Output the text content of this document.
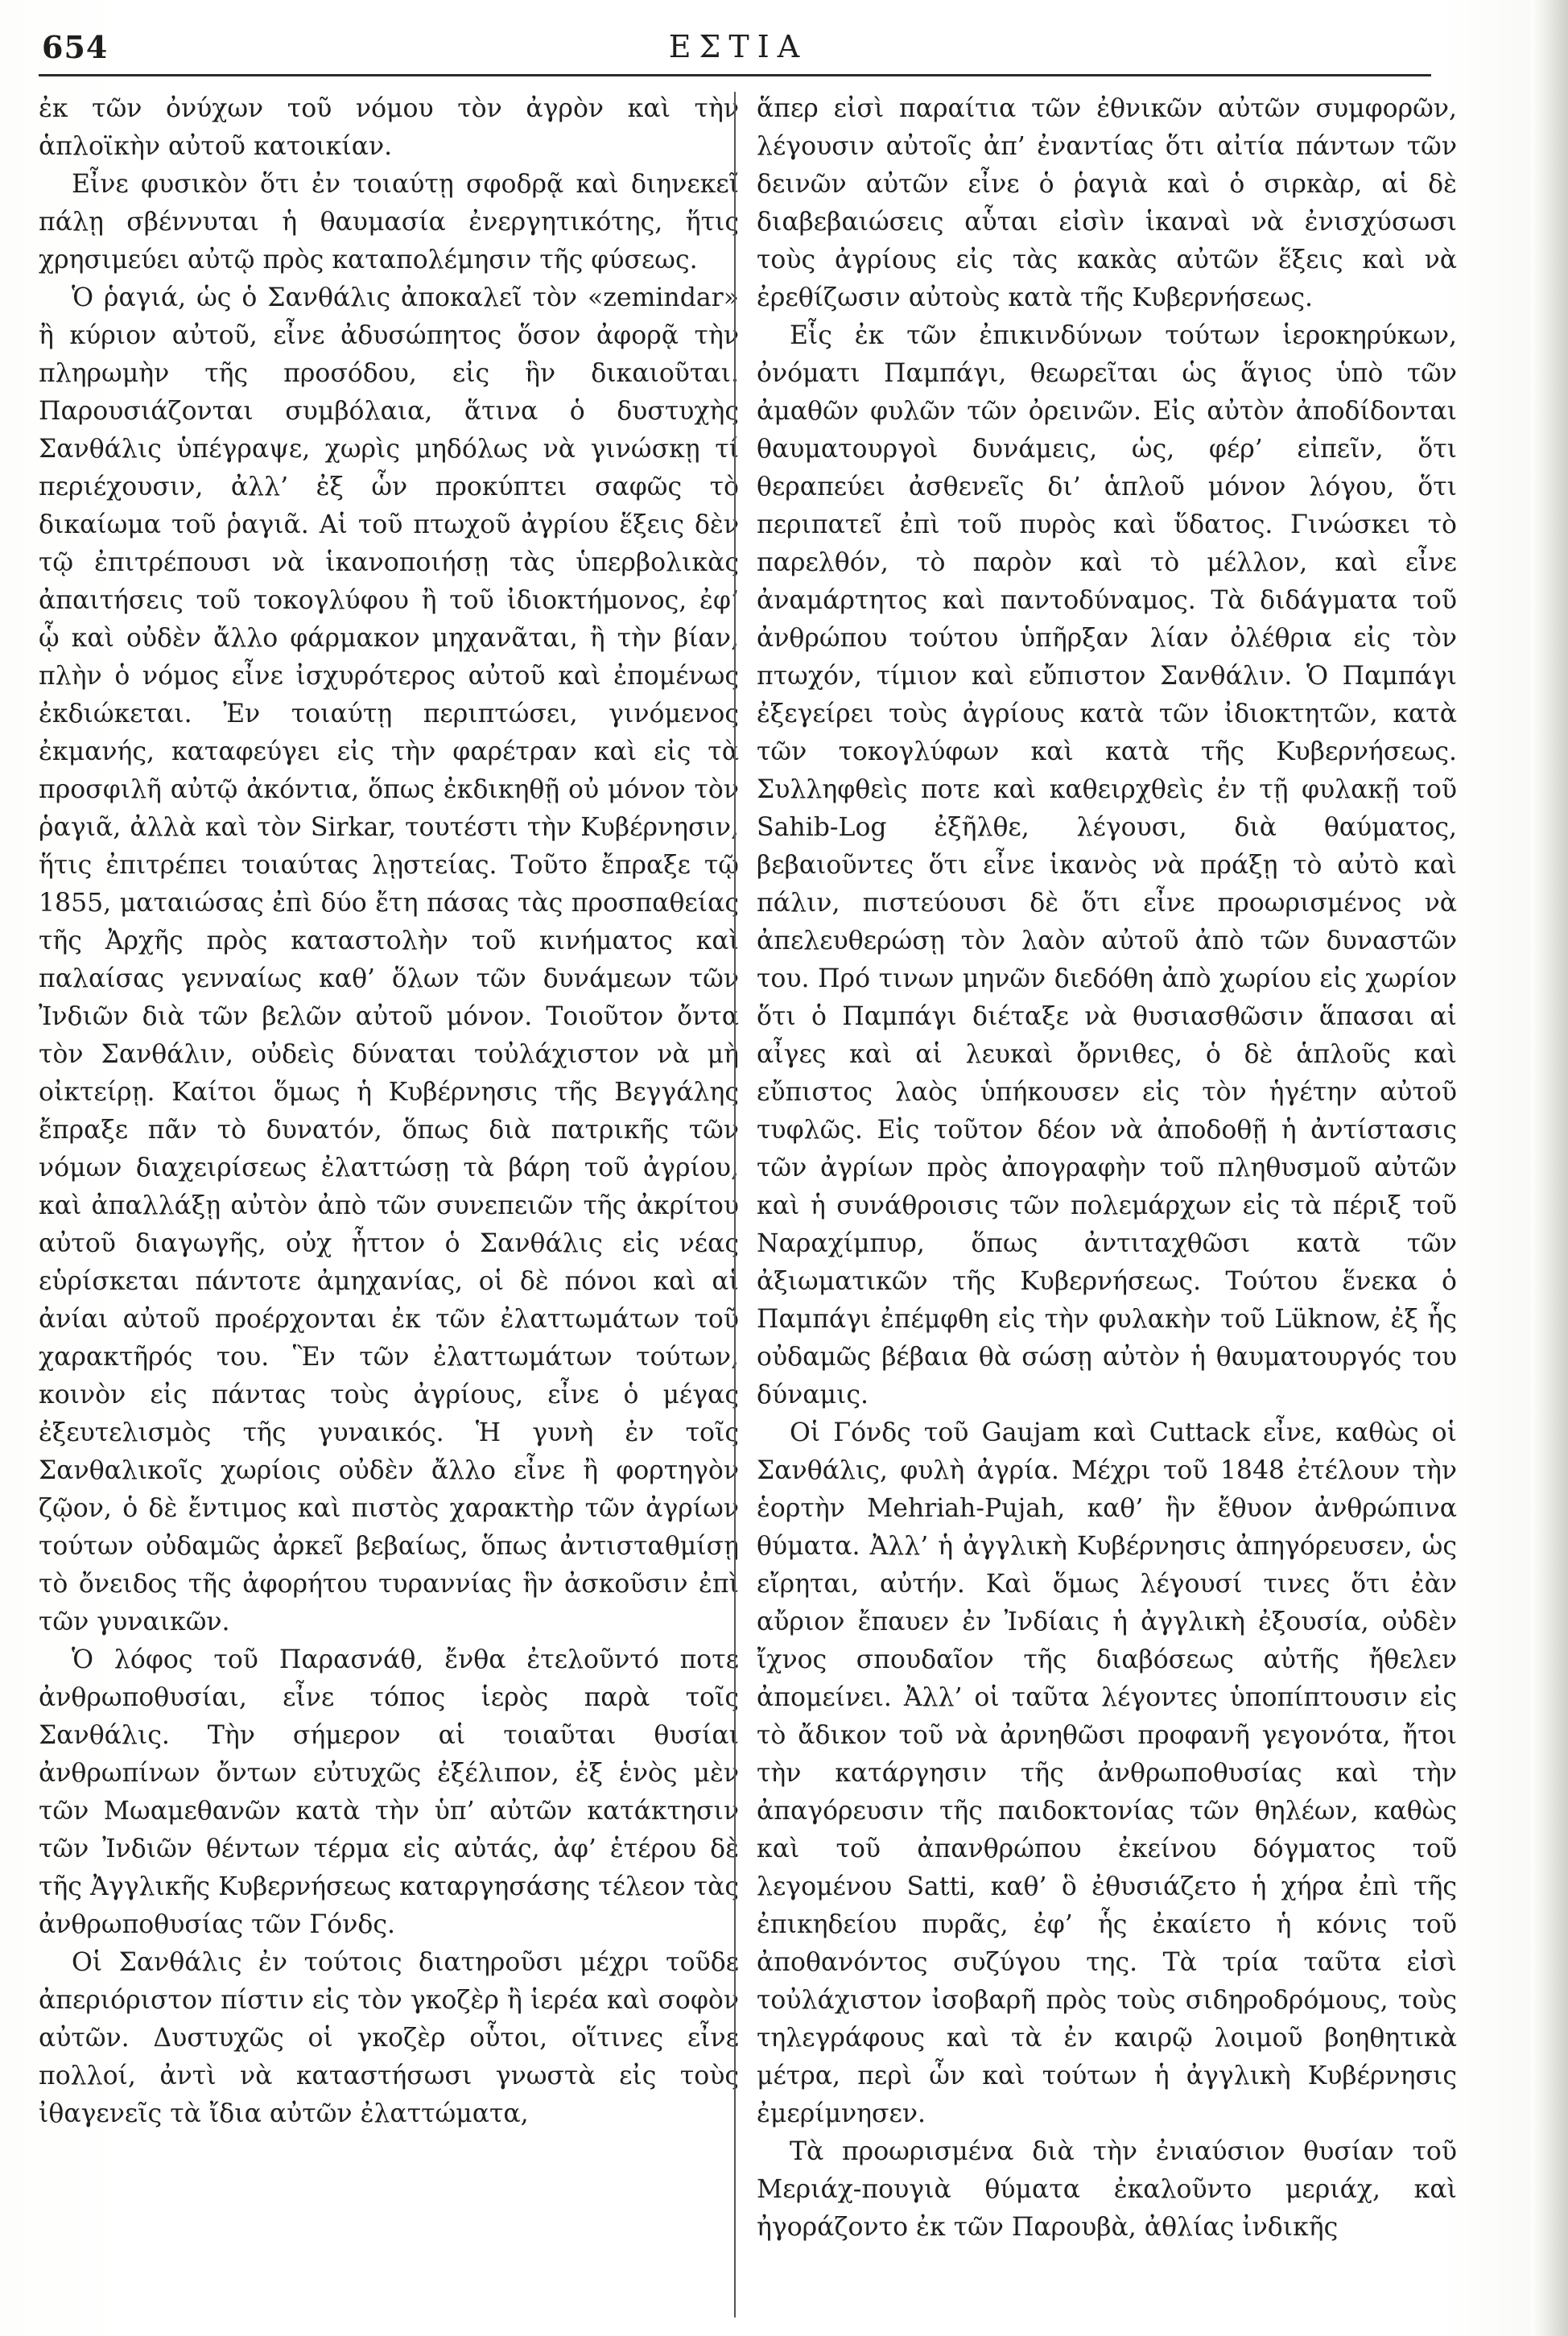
654	ΕΣΤΙΑ

ἐκ τῶν ὀνύχων τοῦ νόμου τὸν ἀγρὸν καὶ τὴν ἁπλοϊκὴν αὐτοῦ κατοικίαν.

Εἶνε φυσικὸν ὅτι ἐν τοιαύτῃ σφοδρᾷ καὶ διηνεκεῖ πάλῃ σβέννυται ἡ θαυμασία ἐνεργητικότης, ἥτις χρησιμεύει αὐτῷ πρὸς καταπολέμησιν τῆς φύσεως.

Ὁ ῥαγιά, ὡς ὁ Σανθάλις ἀποκαλεῖ τὸν «zemindar» ἢ κύριον αὐτοῦ, εἶνε ἀδυσώπητος ὅσον ἀφορᾷ τὴν πληρωμὴν τῆς προσόδου, εἰς ἣν δικαιοῦται. Παρουσιάζονται συμβόλαια, ἅτινα ὁ δυστυχὴς Σανθάλις ὑπέγραψε, χωρὶς μηδόλως νὰ γινώσκῃ τί περιέχουσιν, ἀλλ’ ἐξ ὧν προκύπτει σαφῶς τὸ δικαίωμα τοῦ ῥαγιᾶ. Αἱ τοῦ πτωχοῦ ἀγρίου ἕξεις δὲν τῷ ἐπιτρέπουσι νὰ ἱκανοποιήσῃ τὰς ὑπερβολικὰς ἀπαιτήσεις τοῦ τοκογλύφου ἢ τοῦ ἰδιοκτήμονος, ἐφ’ ᾧ καὶ οὐδὲν ἄλλο φάρμακον μηχανᾶται, ἢ τὴν βίαν, πλὴν ὁ νόμος εἶνε ἰσχυρότερος αὐτοῦ καὶ ἐπομένως ἐκδιώκεται. Ἐν τοιαύτῃ περιπτώσει, γινόμενος ἐκμανής, καταφεύγει εἰς τὴν φαρέτραν καὶ εἰς τὰ προσφιλῆ αὐτῷ ἀκόντια, ὅπως ἐκδικηθῇ οὐ μόνον τὸν ῥαγιᾶ, ἀλλὰ καὶ τὸν Sirkar, τουτέστι τὴν Κυβέρνησιν, ἥτις ἐπιτρέπει τοιαύτας λῃστείας. Τοῦτο ἔπραξε τῷ 1855, ματαιώσας ἐπὶ δύο ἔτη πάσας τὰς προσπαθείας τῆς Ἀρχῆς πρὸς καταστολὴν τοῦ κινήματος καὶ παλαίσας γενναίως καθ’ ὅλων τῶν δυνάμεων τῶν Ἰνδιῶν διὰ τῶν βελῶν αὐτοῦ μόνον. Τοιοῦτον ὄντα τὸν Σανθάλιν, οὐδεὶς δύναται τοὐλάχιστον νὰ μὴ οἰκτείρῃ. Καίτοι ὅμως ἡ Κυβέρνησις τῆς Βεγγάλης ἔπραξε πᾶν τὸ δυνατόν, ὅπως διὰ πατρικῆς τῶν νόμων διαχειρίσεως ἐλαττώσῃ τὰ βάρη τοῦ ἀγρίου, καὶ ἀπαλλάξῃ αὐτὸν ἀπὸ τῶν συνεπειῶν τῆς ἀκρίτου αὐτοῦ διαγωγῆς, οὐχ ἧττον ὁ Σανθάλις εἰς νέας εὑρίσκεται πάντοτε ἀμηχανίας, οἱ δὲ πόνοι καὶ αἱ ἀνίαι αὐτοῦ προέρχονται ἐκ τῶν ἐλαττωμάτων τοῦ χαρακτῆρός του. Ἓν τῶν ἐλαττωμάτων τούτων, κοινὸν εἰς πάντας τοὺς ἀγρίους, εἶνε ὁ μέγας ἐξευτελισμὸς τῆς γυναικός. Ἡ γυνὴ ἐν τοῖς Σανθαλικοῖς χωρίοις οὐδὲν ἄλλο εἶνε ἢ φορτηγὸν ζῷον, ὁ δὲ ἔντιμος καὶ πιστὸς χαρακτὴρ τῶν ἀγρίων τούτων οὐδαμῶς ἀρκεῖ βεβαίως, ὅπως ἀντισταθμίσῃ τὸ ὄνειδος τῆς ἀφορήτου τυραννίας ἣν ἀσκοῦσιν ἐπὶ τῶν γυναικῶν.

Ὁ λόφος τοῦ Παρασνάθ, ἔνθα ἐτελοῦντό ποτε ἀνθρωποθυσίαι, εἶνε τόπος ἱερὸς παρὰ τοῖς Σανθάλις. Τὴν σήμερον αἱ τοιαῦται θυσίαι ἀνθρωπίνων ὄντων εὐτυχῶς ἐξέλιπον, ἐξ ἑνὸς μὲν τῶν Μωαμεθανῶν κατὰ τὴν ὑπ’ αὐτῶν κατάκτησιν τῶν Ἰνδιῶν θέντων τέρμα εἰς αὐτάς, ἀφ’ ἑτέρου δὲ τῆς Ἀγγλικῆς Κυβερνήσεως καταργησάσης τέλεον τὰς ἀνθρωποθυσίας τῶν Γόνδς.

Οἱ Σανθάλις ἐν τούτοις διατηροῦσι μέχρι τοῦδε ἀπεριόριστον πίστιν εἰς τὸν γκοζὲρ ἢ ἱερέα καὶ σοφὸν αὐτῶν. Δυστυχῶς οἱ γκοζὲρ οὗτοι, οἵτινες εἶνε πολλοί, ἀντὶ νὰ καταστήσωσι γνωστὰ εἰς τοὺς ἰθαγενεῖς τὰ ἴδια αὐτῶν ἐλαττώματα,

ἅπερ εἰσὶ παραίτια τῶν ἐθνικῶν αὐτῶν συμφορῶν, λέγουσιν αὐτοῖς ἀπ’ ἐναντίας ὅτι αἰτία πάντων τῶν δεινῶν αὐτῶν εἶνε ὁ ῥαγιὰ καὶ ὁ σιρκὰρ, αἱ δὲ διαβεβαιώσεις αὗται εἰσὶν ἱκαναὶ νὰ ἐνισχύσωσι τοὺς ἀγρίους εἰς τὰς κακὰς αὐτῶν ἕξεις καὶ νὰ ἐρεθίζωσιν αὐτοὺς κατὰ τῆς Κυβερνήσεως.

Εἷς ἐκ τῶν ἐπικινδύνων τούτων ἱεροκηρύκων, ὀνόματι Παμπάγι, θεωρεῖται ὡς ἅγιος ὑπὸ τῶν ἀμαθῶν φυλῶν τῶν ὀρεινῶν. Εἰς αὐτὸν ἀποδίδονται θαυματουργοὶ δυνάμεις, ὡς, φέρ’ εἰπεῖν, ὅτι θεραπεύει ἀσθενεῖς δι’ ἁπλοῦ μόνον λόγου, ὅτι περιπατεῖ ἐπὶ τοῦ πυρὸς καὶ ὕδατος. Γινώσκει τὸ παρελθόν, τὸ παρὸν καὶ τὸ μέλλον, καὶ εἶνε ἀναμάρτητος καὶ παντοδύναμος. Τὰ διδάγματα τοῦ ἀνθρώπου τούτου ὑπῆρξαν λίαν ὀλέθρια εἰς τὸν πτωχόν, τίμιον καὶ εὔπιστον Σανθάλιν. Ὁ Παμπάγι ἐξεγείρει τοὺς ἀγρίους κατὰ τῶν ἰδιοκτητῶν, κατὰ τῶν τοκογλύφων καὶ κατὰ τῆς Κυβερνήσεως. Συλληφθεὶς ποτε καὶ καθειρχθεὶς ἐν τῇ φυλακῇ τοῦ Sahib-Log ἐξῆλθε, λέγουσι, διὰ θαύματος, βεβαιοῦντες ὅτι εἶνε ἱκανὸς νὰ πράξῃ τὸ αὐτὸ καὶ πάλιν, πιστεύουσι δὲ ὅτι εἶνε προωρισμένος νὰ ἀπελευθερώσῃ τὸν λαὸν αὐτοῦ ἀπὸ τῶν δυναστῶν του. Πρό τινων μηνῶν διεδόθη ἀπὸ χωρίου εἰς χωρίον ὅτι ὁ Παμπάγι διέταξε νὰ θυσιασθῶσιν ἅπασαι αἱ αἶγες καὶ αἱ λευκαὶ ὄρνιθες, ὁ δὲ ἁπλοῦς καὶ εὔπιστος λαὸς ὑπήκουσεν εἰς τὸν ἡγέτην αὐτοῦ τυφλῶς. Εἰς τοῦτον δέον νὰ ἀποδοθῇ ἡ ἀντίστασις τῶν ἀγρίων πρὸς ἀπογραφὴν τοῦ πληθυσμοῦ αὐτῶν καὶ ἡ συνάθροισις τῶν πολεμάρχων εἰς τὰ πέριξ τοῦ Ναραχίμπυρ, ὅπως ἀντιταχθῶσι κατὰ τῶν ἀξιωματικῶν τῆς Κυβερνήσεως. Τούτου ἕνεκα ὁ Παμπάγι ἐπέμφθη εἰς τὴν φυλακὴν τοῦ Lüknow, ἐξ ἧς οὐδαμῶς βέβαια θὰ σώσῃ αὐτὸν ἡ θαυματουργός του δύναμις.

Οἱ Γόνδς τοῦ Gaujam καὶ Cuttack εἶνε, καθὼς οἱ Σανθάλις, φυλὴ ἀγρία. Μέχρι τοῦ 1848 ἐτέλουν τὴν ἑορτὴν Mehriah-Pujah, καθ’ ἣν ἔθυον ἀνθρώπινα θύματα. Ἀλλ’ ἡ ἀγγλικὴ Κυβέρνησις ἀπηγόρευσεν, ὡς εἴρηται, αὐτήν. Καὶ ὅμως λέγουσί τινες ὅτι ἐὰν αὔριον ἔπαυεν ἐν Ἰνδίαις ἡ ἀγγλικὴ ἐξουσία, οὐδὲν ἴχνος σπουδαῖον τῆς διαβόσεως αὐτῆς ἤθελεν ἀπομείνει. Ἀλλ’ οἱ ταῦτα λέγοντες ὑποπίπτουσιν εἰς τὸ ἄδικον τοῦ νὰ ἀρνηθῶσι προφανῆ γεγονότα, ἤτοι τὴν κατάργησιν τῆς ἀνθρωποθυσίας καὶ τὴν ἀπαγόρευσιν τῆς παιδοκτονίας τῶν θηλέων, καθὼς καὶ τοῦ ἀπανθρώπου ἐκείνου δόγματος τοῦ λεγομένου Satti, καθ’ ὃ ἐθυσιάζετο ἡ χήρα ἐπὶ τῆς ἐπικηδείου πυρᾶς, ἐφ’ ἧς ἐκαίετο ἡ κόνις τοῦ ἀποθανόντος συζύγου της. Τὰ τρία ταῦτα εἰσὶ τοὐλάχιστον ἰσοβαρῆ πρὸς τοὺς σιδηροδρόμους, τοὺς τηλεγράφους καὶ τὰ ἐν καιρῷ λοιμοῦ βοηθητικὰ μέτρα, περὶ ὧν καὶ τούτων ἡ ἀγγλικὴ Κυβέρνησις ἐμερίμνησεν.

Τὰ προωρισμένα διὰ τὴν ἐνιαύσιον θυσίαν τοῦ Μεριάχ-πουγιὰ θύματα ἐκαλοῦντο μεριάχ, καὶ ἠγοράζοντο ἐκ τῶν Παρουβὰ, ἀθλίας ἰνδικῆς
